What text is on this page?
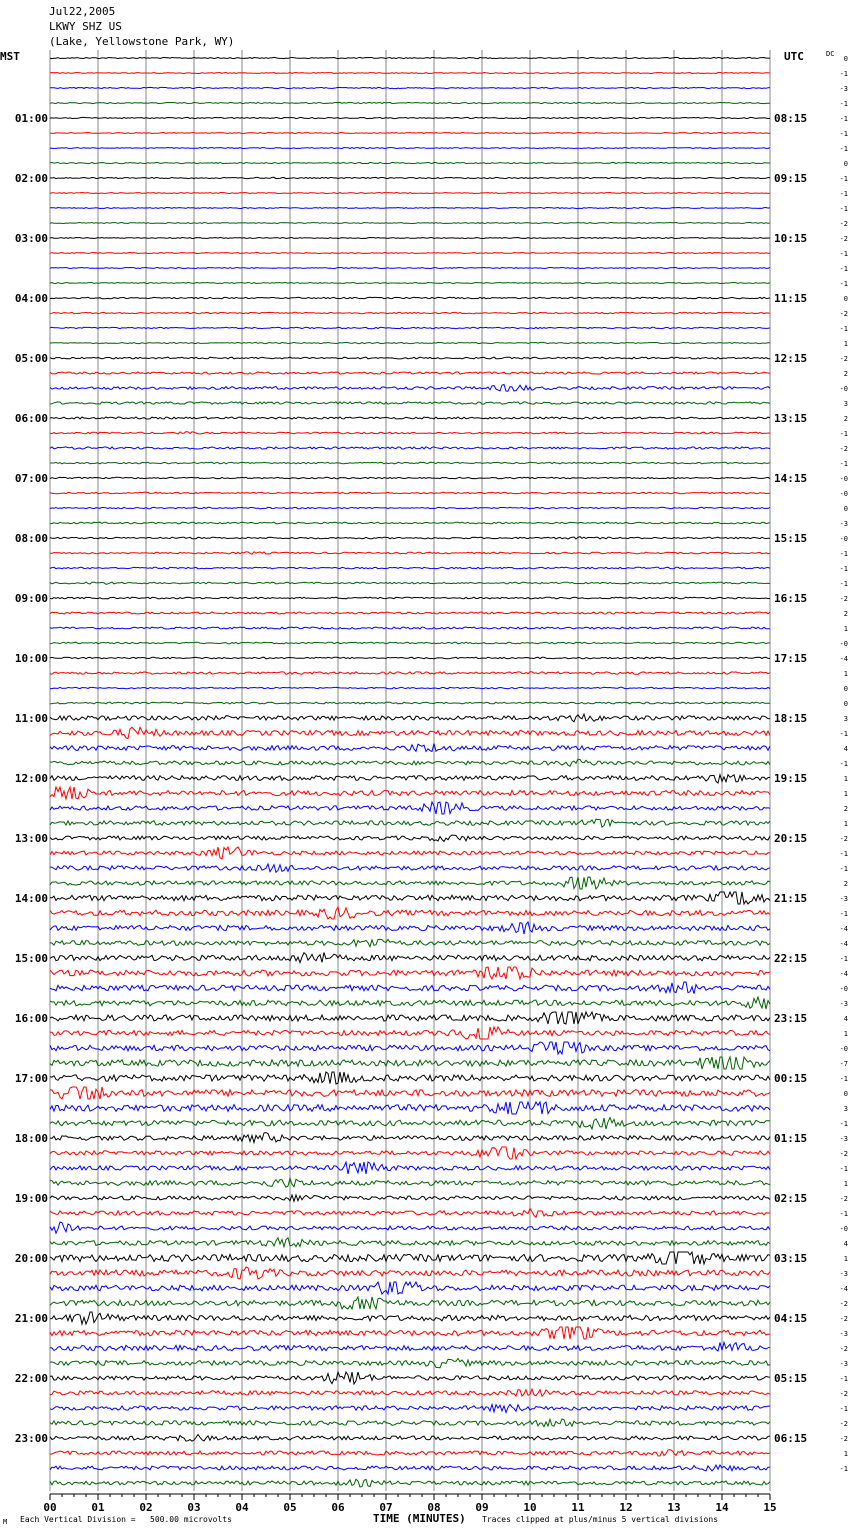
Jul22,2005
LKWY SHZ US
(Lake, Yellowstone Park, WY)
MST	UTC	DC
0
-1
-3
-1
-1
-1
-1
0
-1
-1
-1
-2
-2
-1
-1
-1
0
-2
-1
1
-2
2
-0
3
2
-1
-2
-1
-0
-0
0
-3
-0
-1
-1
-1
-2
2
1
-0
-4
1
0
0
3
-1
4
-1
1
1
2
1
-2
-1
-1
2
-3
-1
-4
-4
-1
-4
-0
-3
4
1
-0
-7
-1
0
3
-1
-3
-2
-1
1
-2
-1
-0
4
1
-3
-4
-2
-2
-3
-2
-3
-1
-2
-1
-2
-2
1
-1
01:00
02:00
03:00
04:00
05:00
06:00
07:00
08:00
09:00
10:00
11:00
12:00
13:00
14:00
15:00
16:00
17:00
18:00
19:00
20:00
21:00
22:00
23:00
08:15
09:15
10:15
11:15
12:15
13:15
14:15
15:15
16:15
17:15
18:15
19:15
20:15
21:15
22:15
23:15
00:15
01:15
02:15
03:15
04:15
05:15
06:15
00	01	02	03	04	05	06	07	08	09	10	11	12	13	14	15
TIME (MINUTES)
Each Vertical Division =   500.00 microvolts	Traces clipped at plus/minus 5 vertical divisions
M
